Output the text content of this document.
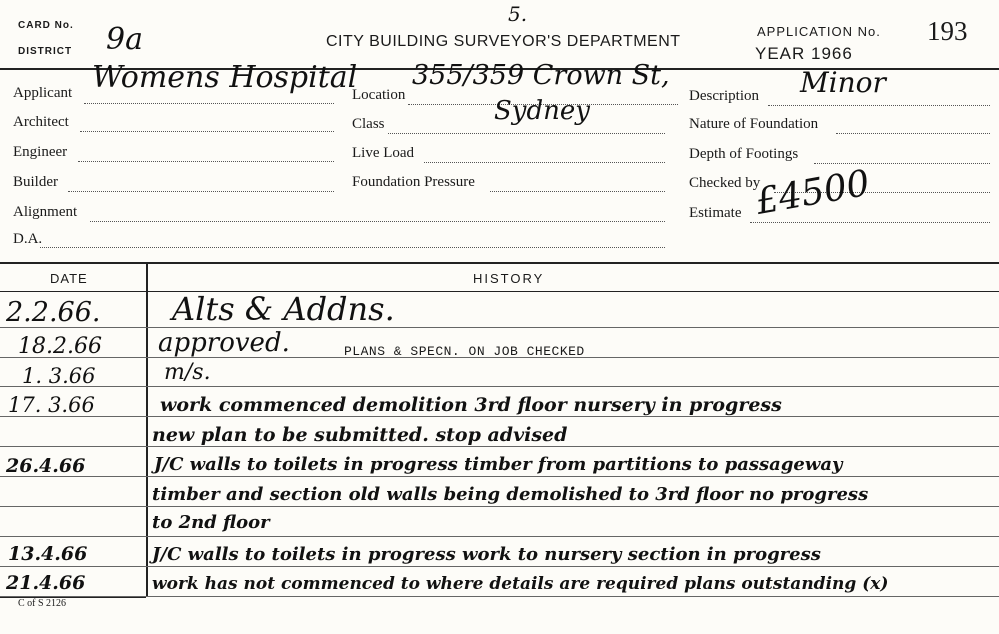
CARD No.
DISTRICT 9a
5.
CITY BUILDING SURVEYOR'S DEPARTMENT
APPLICATION No. 193
YEAR 1966
Applicant Womens Hospital
Architect
Engineer
Builder
Alignment
D.A.
Location
355/359 Crown St,
Sydney
Class
Live Load
Foundation Pressure
Description Minor
Nature of Foundation
Depth of Footings
Checked by
Estimate £4500
DATE	HISTORY
2.2.66. Alts & Addns.
18.2.66 approved.	PLANS & SPECN. ON JOB CHECKED
1. 3.66	m/s.
17. 3.66	work commenced demolition 3rd floor nursery in progress
new plan to be submitted. stop advised
26.4.66	J/C walls to toilets in progress timber from partitions to passageway
timber and section old walls being demolished to 3rd floor no progress
to 2nd floor
13.4.66	J/C walls to toilets in progress work to nursery section in progress
21.4.66	work has not commenced to where details are required plans outstanding (x)
C of S 2126
